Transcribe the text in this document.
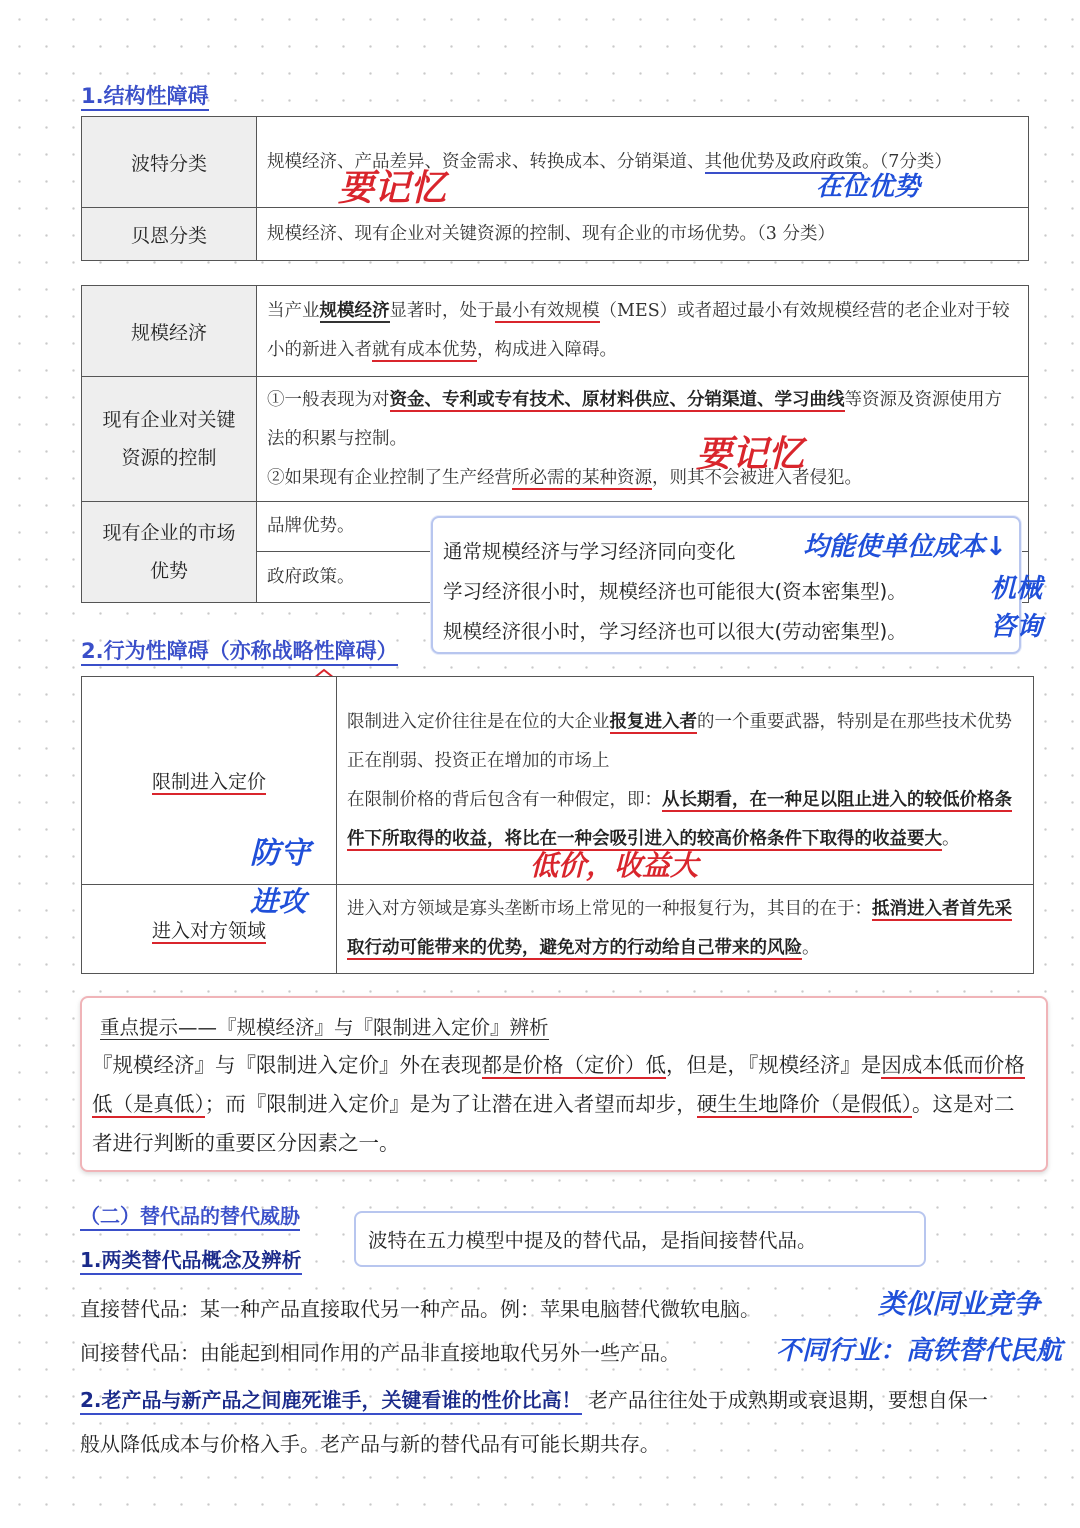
1.结构性障碍
波特分类	规模经济、产品差异、资金需求、转换成本、分销渠道、其他优势及政府政策。（7分类）
贝恩分类	规模经济、现有企业对关键资源的控制、现有企业的市场优势。（3 分类）
规模经济	当产业规模经济显著时，处于最小有效规模（MES）或者超过最小有效规模经营的老企业对于较小的新进入者就有成本优势，构成进入障碍。
现有企业对关键资源的控制	①一般表现为对资金、专利或专有技术、原材料供应、分销渠道、学习曲线等资源及资源使用方法的积累与控制。
②如果现有企业控制了生产经营所必需的某种资源，则其不会被进入者侵犯。
现有企业的市场优势	品牌优势。
政府政策。
通常规模经济与学习经济同向变化
学习经济很小时，规模经济也可能很大(资本密集型)。
规模经济很小时，学习经济也可以很大(劳动密集型)。
2.行为性障碍（亦称战略性障碍）
限制进入定价	限制进入定价往往是在位的大企业报复进入者的一个重要武器，特别是在那些技术优势正在削弱、投资正在增加的市场上
在限制价格的背后包含有一种假定，即：从长期看，在一种足以阻止进入的较低价格条件下所取得的收益，将比在一种会吸引进入的较高价格条件下取得的收益要大。
进入对方领域	进入对方领域是寡头垄断市场上常见的一种报复行为，其目的在于：抵消进入者首先采取行动可能带来的优势，避免对方的行动给自己带来的风险。
重点提示——『规模经济』与『限制进入定价』辨析
『规模经济』与『限制进入定价』外在表现都是价格（定价）低，但是，『规模经济』是因成本低而价格低（是真低）；而『限制进入定价』是为了让潜在进入者望而却步，硬生生地降价（是假低）。这是对二者进行判断的重要区分因素之一。
（二）替代品的替代威胁
1.两类替代品概念及辨析
波特在五力模型中提及的替代品，是指间接替代品。
直接替代品：某一种产品直接取代另一种产品。例：苹果电脑替代微软电脑。
间接替代品：由能起到相同作用的产品非直接地取代另外一些产品。
2.老产品与新产品之间鹿死谁手，关键看谁的性价比高！ 老产品往往处于成熟期或衰退期，要想自保一般从降低成本与价格入手。老产品与新的替代品有可能长期共存。
要记忆	在位优势
要记忆
均能使单位成本↓
机械
咨询
防守
进攻
低价，收益大
类似同业竞争
不同行业：高铁替代民航
